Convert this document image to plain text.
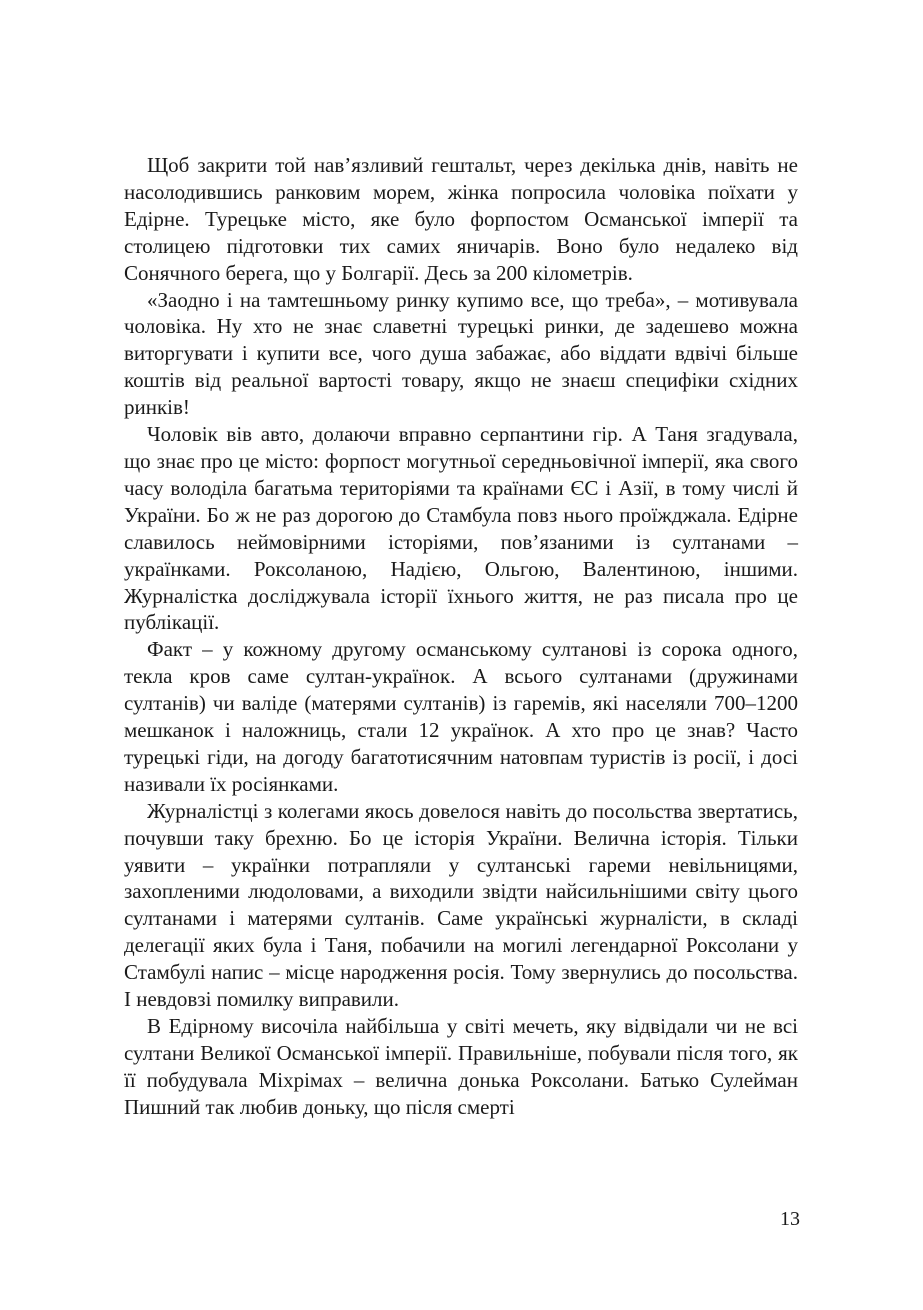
Щоб закрити той нав’язливий гештальт, через декілька днів, навіть не насолодившись ранковим морем, жінка попросила чоловіка поїхати у Едірне. Турецьке місто, яке було форпостом Османської імперії та столицею підготовки тих самих яничарів. Воно було недалеко від Сонячного берега, що у Болгарії. Десь за 200 кілометрів.

«Заодно і на тамтешньому ринку купимо все, що треба», – мотивувала чоловіка. Ну хто не знає славетні турецькі ринки, де задешево можна виторгувати і купити все, чого душа забажає, або віддати вдвічі більше коштів від реальної вартості товару, якщо не знаєш специфіки східних ринків!

Чоловік вів авто, долаючи вправно серпантини гір. А Таня згадувала, що знає про це місто: форпост могутньої середньовічної імперії, яка свого часу володіла багатьма територіями та країнами ЄС і Азії, в тому числі й України. Бо ж не раз дорогою до Стамбула повз нього проїжджала. Едірне славилось неймовірними історіями, пов’язаними із султанами – українками. Роксоланою, Надією, Ольгою, Валентиною, іншими. Журналістка досліджувала історії їхнього життя, не раз писала про це публікації.

Факт – у кожному другому османському султанові із сорока одного, текла кров саме султан-українок. А всього султанами (дружинами султанів) чи валіде (матерями султанів) із гаремів, які населяли 700–1200 мешканок і наложниць, стали 12 українок. А хто про це знав? Часто турецькі гіди, на догоду багатотисячним натовпам туристів із росії, і досі називали їх росіянками.

Журналістці з колегами якось довелося навіть до посольства звертатись, почувши таку брехню. Бо це історія України. Велична історія. Тільки уявити – українки потрапляли у султанські гареми невільницями, захопленими людоловами, а виходили звідти найсильнішими світу цього султанами і матерями султанів. Саме українські журналісти, в складі делегації яких була і Таня, побачили на могилі легендарної Роксолани у Стамбулі напис – місце народження росія. Тому звернулись до посольства. І невдовзі помилку виправили.

В Едірному височіла найбільша у світі мечеть, яку відвідали чи не всі султани Великої Османської імперії. Правильніше, побували після того, як її побудувала Міхрімах – велична донька Роксолани. Батько Сулейман Пишний так любив доньку, що після смерті

13
